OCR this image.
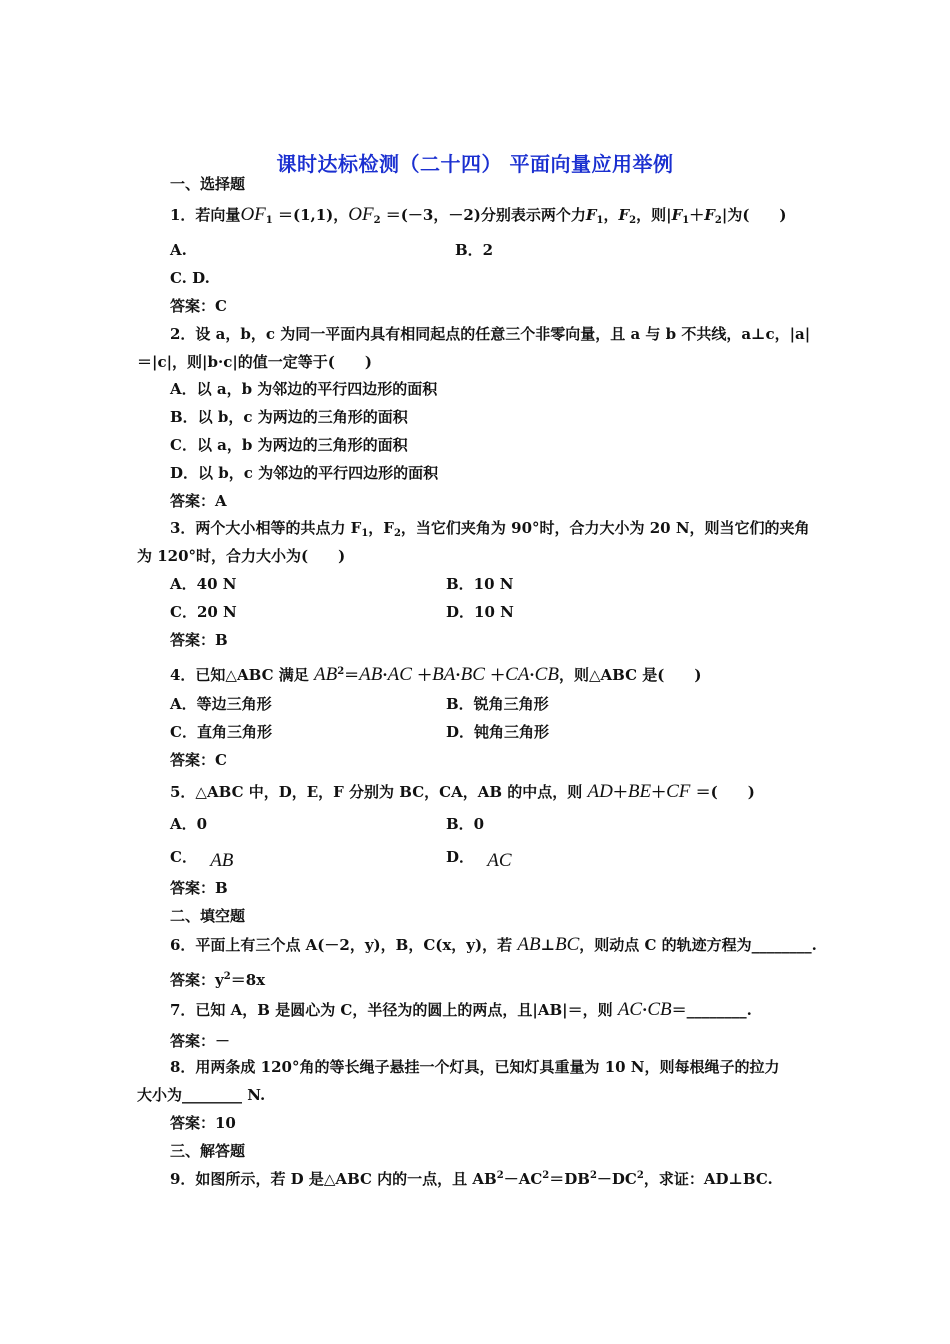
课时达标检测（二十四） 平面向量应用举例
一、选择题
1．若向量$OF_1 =(1,1)$，$OF_2 =(-3$，－2)分别表示两个力$F_1$，$F_2$，则$|F_1+F_2|$为(　　)
A.	B．2
C. D.
答案：C
2．设 a，b，c 为同一平面内具有相同起点的任意三个非零向量，且 a 与 b 不共线，a⊥c，|a|
＝|c|，则|b·c|的值一定等于(　　)
A．以 a，b 为邻边的平行四边形的面积
B．以 b，c 为两边的三角形的面积
C．以 a，b 为两边的三角形的面积
D．以 b，c 为邻边的平行四边形的面积
答案：A
3．两个大小相等的共点力 $F_1$，$F_2$，当它们夹角为 90°时，合力大小为 20 N，则当它们的夹角
为 120°时，合力大小为(　　)
A．40 N	B．10 N
C．20 N	D．10 N
答案：B
4．已知△ABC 满足 $AB^2=AB\cdot AC +BA\cdot BC +CA\cdot CB$，则△ABC 是(　　)
A．等边三角形	B．锐角三角形
C．直角三角形	D．钝角三角形
答案：C
5．△ABC 中，D，E，F 分别为 BC，CA，AB 的中点，则 AD＋BE＋CF ＝(　　)
A．0	B．0
C． AB	D． AC
答案：B
二、填空题
6．平面上有三个点 A(－2，y)，B，C(x，y)，若 AB⊥BC，则动点 C 的轨迹方程为________.
答案：$y^2=8x$
7．已知 A，B 是圆心为 C，半径为的圆上的两点，且|AB|＝，则 AC·CB＝________.
答案：－
8．用两条成 120°角的等长绳子悬挂一个灯具，已知灯具重量为 10 N，则每根绳子的拉力
大小为________ N.
答案：10
三、解答题
9．如图所示，若 D 是△ABC 内的一点，且 $AB^2-AC^2=DB^2-DC^2$，求证：AD⊥BC.
